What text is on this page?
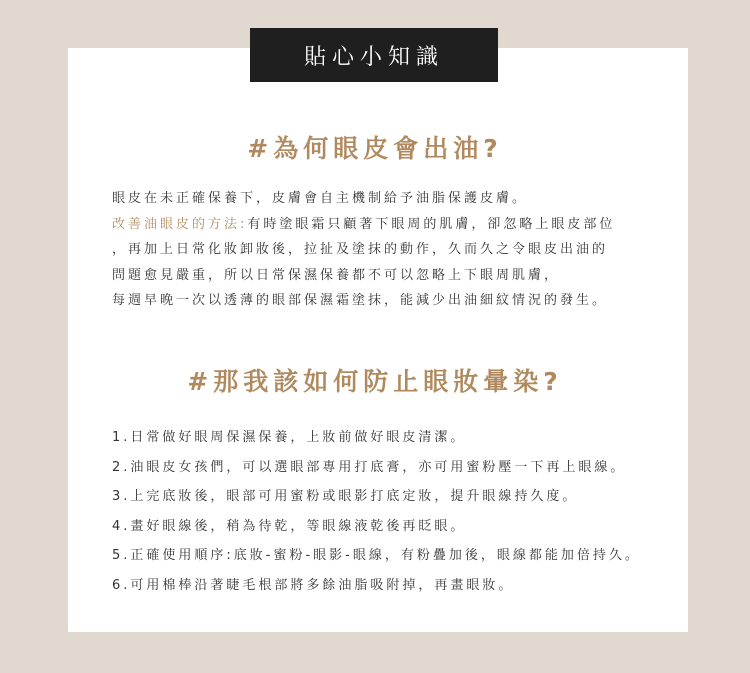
貼心小知識
#為何眼皮會出油?
眼皮在未正確保養下，皮膚會自主機制給予油脂保護皮膚。
改善油眼皮的方法:有時塗眼霜只顧著下眼周的肌膚，卻忽略上眼皮部位
，再加上日常化妝卸妝後，拉扯及塗抹的動作，久而久之令眼皮出油的
問題愈見嚴重，所以日常保濕保養都不可以忽略上下眼周肌膚，
每週早晚一次以透薄的眼部保濕霜塗抹，能減少出油細紋情況的發生。
#那我該如何防止眼妝暈染?
1.日常做好眼周保濕保養，上妝前做好眼皮清潔。
2.油眼皮女孩們，可以選眼部專用打底膏，亦可用蜜粉壓一下再上眼線。
3.上完底妝後，眼部可用蜜粉或眼影打底定妝，提升眼線持久度。
4.畫好眼線後，稍為待乾，等眼線液乾後再眨眼。
5.正確使用順序:底妝-蜜粉-眼影-眼線，有粉疊加後，眼線都能加倍持久。
6.可用棉棒沿著睫毛根部將多餘油脂吸附掉，再畫眼妝。
